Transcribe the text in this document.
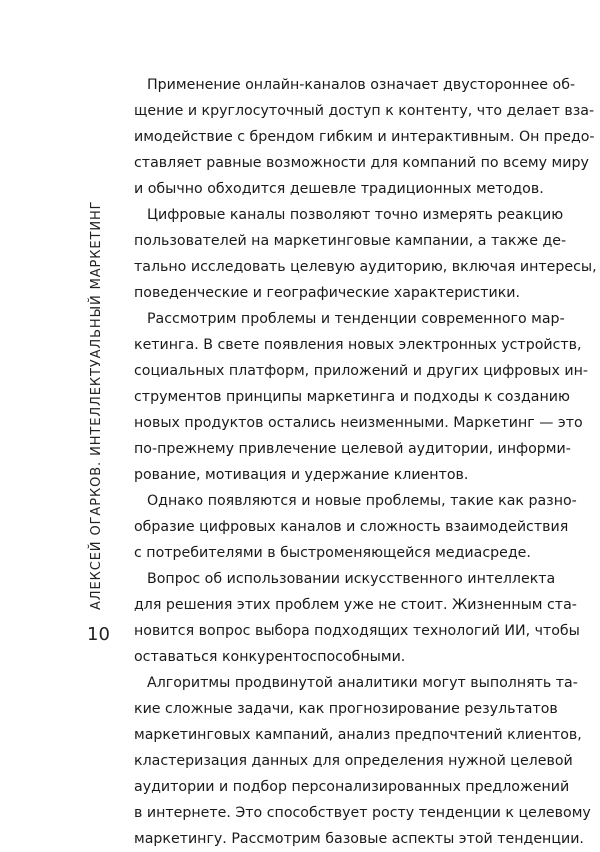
АЛЕКСЕЙ ОГАРКОВ. ИНТЕЛЛЕКТУАЛЬНЫЙ МАРКЕТИНГ
10
Применение онлайн-каналов означает двустороннее об-
щение и круглосуточный доступ к контенту, что делает вза-
имодействие с брендом гибким и интерактивным. Он предо-
ставляет равные возможности для компаний по всему миру
и обычно обходится дешевле традиционных методов.
Цифровые каналы позволяют точно измерять реакцию
пользователей на маркетинговые кампании, а также де-
тально исследовать целевую аудиторию, включая интересы,
поведенческие и географические характеристики.
Рассмотрим проблемы и тенденции современного мар-
кетинга. В свете появления новых электронных устройств,
социальных платформ, приложений и других цифровых ин-
струментов принципы маркетинга и подходы к созданию
новых продуктов остались неизменными. Маркетинг — это
по-прежнему привлечение целевой аудитории, информи-
рование, мотивация и удержание клиентов.
Однако появляются и новые проблемы, такие как разно-
образие цифровых каналов и сложность взаимодействия
с потребителями в быстроменяющейся медиасреде.
Вопрос об использовании искусственного интеллекта
для решения этих проблем уже не стоит. Жизненным ста-
новится вопрос выбора подходящих технологий ИИ, чтобы
оставаться конкурентоспособными.
Алгоритмы продвинутой аналитики могут выполнять та-
кие сложные задачи, как прогнозирование результатов
маркетинговых кампаний, анализ предпочтений клиентов,
кластеризация данных для определения нужной целевой
аудитории и подбор персонализированных предложений
в интернете. Это способствует росту тенденции к целевому
маркетингу. Рассмотрим базовые аспекты этой тенденции.
